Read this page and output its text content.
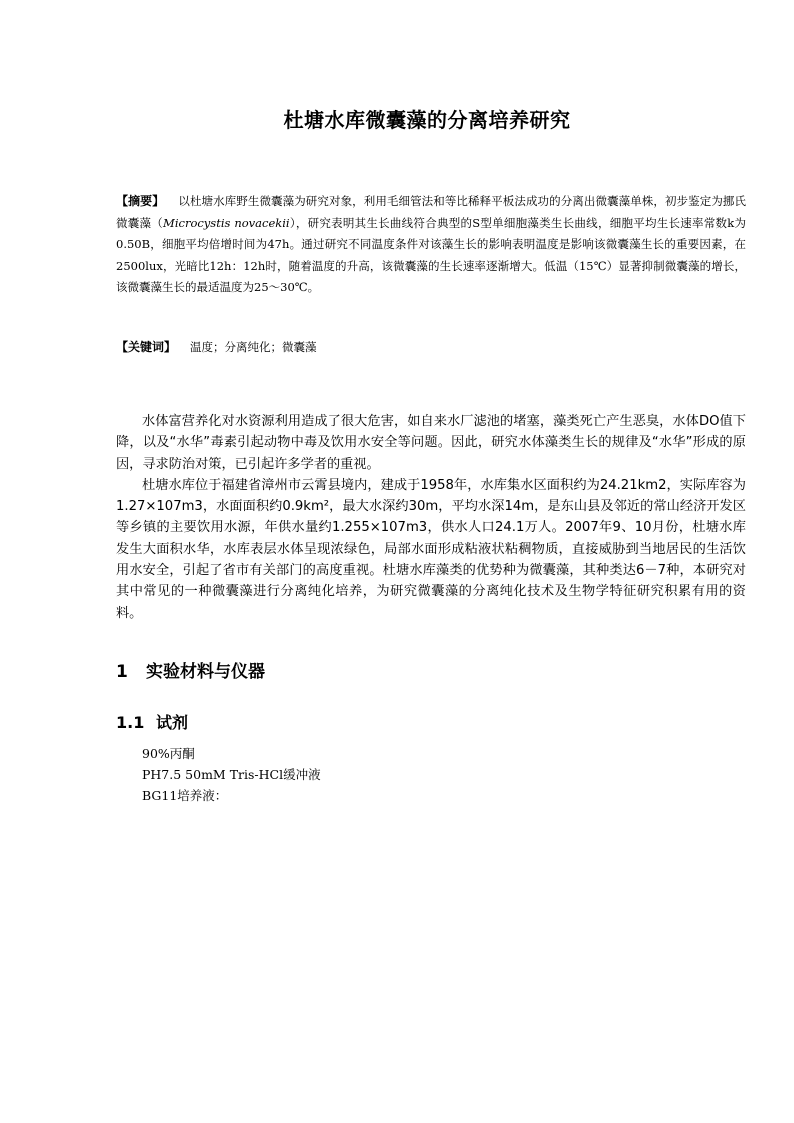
杜塘水库微囊藻的分离培养研究
【摘要】 以杜塘水库野生微囊藻为研究对象，利用毛细管法和等比稀释平板法成功的分离出微囊藻单株，初步鉴定为挪氏微囊藻（Microcystis novacekii），研究表明其生长曲线符合典型的S型单细胞藻类生长曲线，细胞平均生长速率常数k为0.50B，细胞平均倍增时间为47h。通过研究不同温度条件对该藻生长的影响表明温度是影响该微囊藻生长的重要因素，在2500lux，光暗比12h：12h时，随着温度的升高，该微囊藻的生长速率逐渐增大。低温（15℃）显著抑制微囊藻的增长，该微囊藻生长的最适温度为25～30℃。
【关键词】 温度；分离纯化；微囊藻

水体富营养化对水资源利用造成了很大危害，如自来水厂滤池的堵塞，藻类死亡产生恶臭，水体DO值下降，以及“水华”毒素引起动物中毒及饮用水安全等问题。因此，研究水体藻类生长的规律及“水华”形成的原因，寻求防治对策，已引起许多学者的重视。

杜塘水库位于福建省漳州市云霄县境内，建成于1958年，水库集水区面积约为24.21km2，实际库容为1.27×107m3，水面面积约0.9km²，最大水深约30m，平均水深14m，是东山县及邻近的常山经济开发区等乡镇的主要饮用水源，年供水量约1.255×107m3，供水人口24.1万人。2007年9、10月份，杜塘水库发生大面积水华，水库表层水体呈现浓绿色，局部水面形成粘液状粘稠物质，直接威胁到当地居民的生活饮用水安全，引起了省市有关部门的高度重视。杜塘水库藻类的优势种为微囊藻，其种类达6－7种，本研究对其中常见的一种微囊藻进行分离纯化培养，为研究微囊藻的分离纯化技术及生物学特征研究积累有用的资料。

1 实验材料与仪器
1.1 试剂
90%丙酮
PH7.5 50mM Tris-HCl缓冲液
BG11培养液：
